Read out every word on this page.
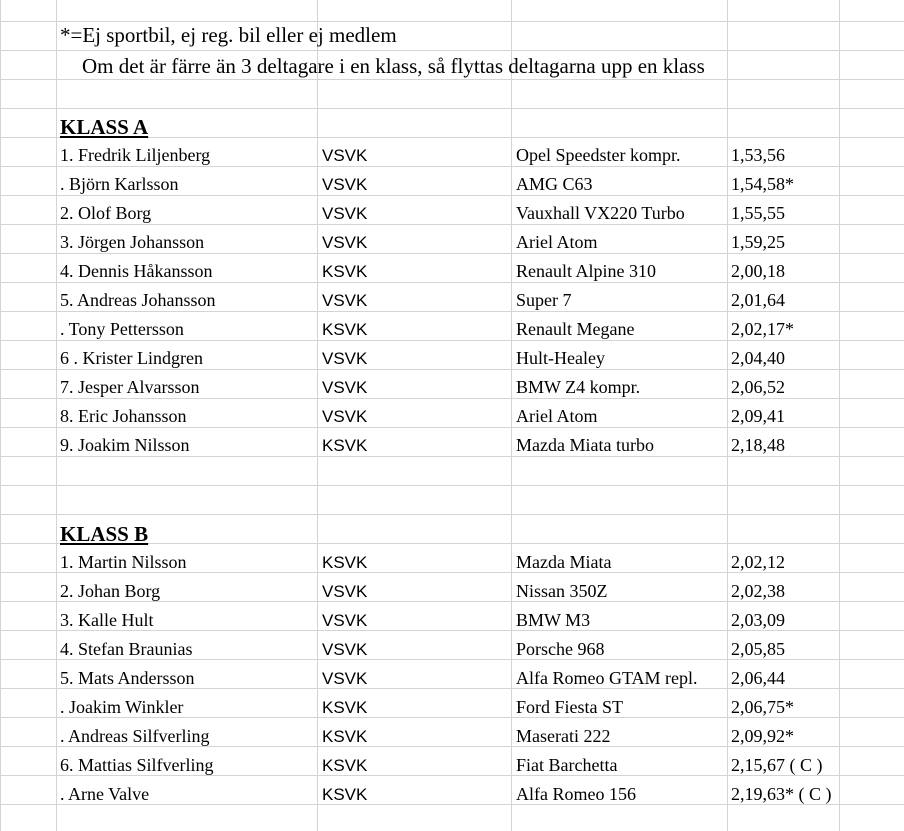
*=Ej sportbil, ej reg. bil eller ej medlem
Om det är färre än 3 deltagare i en klass, så flyttas deltagarna upp en klass
KLASS A
1. Fredrik Liljenberg	VSVK	Opel Speedster kompr.	1,53,56
. Björn Karlsson	VSVK	AMG C63	1,54,58*
2. Olof Borg	VSVK	Vauxhall VX220 Turbo	1,55,55
3. Jörgen Johansson	VSVK	Ariel Atom	1,59,25
4. Dennis Håkansson	KSVK	Renault Alpine 310	2,00,18
5. Andreas Johansson	VSVK	Super 7	2,01,64
. Tony Pettersson	KSVK	Renault Megane	2,02,17*
6 . Krister Lindgren	VSVK	Hult-Healey	2,04,40
7. Jesper Alvarsson	VSVK	BMW Z4 kompr.	2,06,52
8. Eric Johansson	VSVK	Ariel Atom	2,09,41
9. Joakim Nilsson	KSVK	Mazda Miata turbo	2,18,48
KLASS B
1. Martin Nilsson	KSVK	Mazda Miata	2,02,12
2. Johan Borg	VSVK	Nissan 350Z	2,02,38
3. Kalle Hult	VSVK	BMW M3	2,03,09
4. Stefan Braunias	VSVK	Porsche 968	2,05,85
5. Mats Andersson	VSVK	Alfa Romeo GTAM repl. 2,06,44
. Joakim Winkler	KSVK	Ford Fiesta ST	2,06,75*
. Andreas Silfverling	KSVK	Maserati 222	2,09,92*
6. Mattias Silfverling	KSVK	Fiat Barchetta	2,15,67 ( C )
. Arne Valve	KSVK	Alfa Romeo 156	2,19,63* ( C )
